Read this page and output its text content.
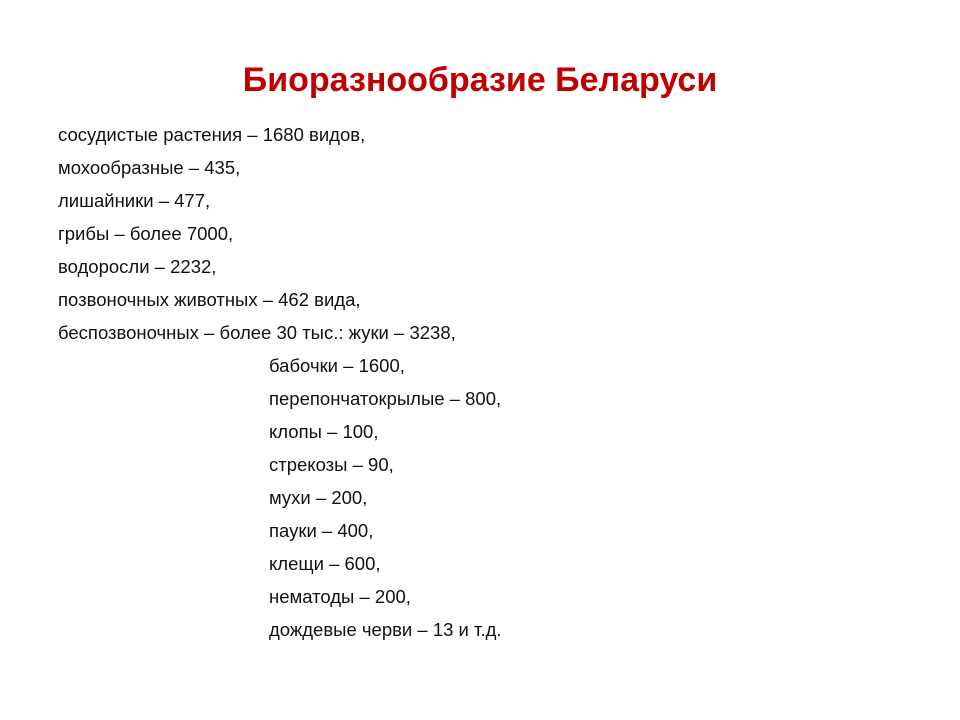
Биоразнообразие Беларуси
сосудистые растения – 1680 видов,
мохообразные – 435,
лишайники – 477,
грибы – более 7000,
водоросли – 2232,
позвоночных животных – 462 вида,
беспозвоночных – более 30 тыс.: жуки – 3238,
бабочки – 1600,
перепончатокрылые – 800,
клопы – 100,
стрекозы – 90,
мухи – 200,
пауки – 400,
клещи – 600,
нематоды – 200,
дождевые черви – 13 и т.д.
